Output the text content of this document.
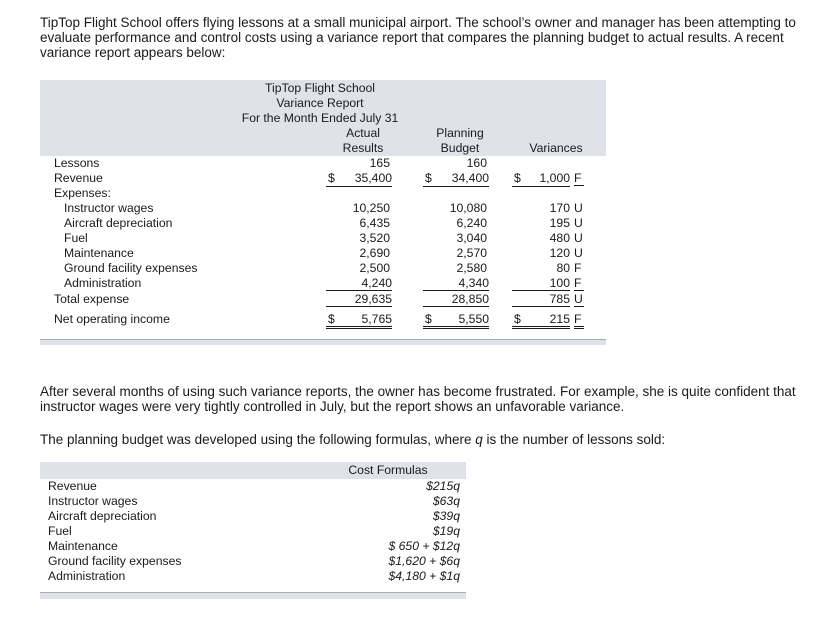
TipTop Flight School offers flying lessons at a small municipal airport. The school’s owner and manager has been attempting to evaluate performance and control costs using a variance report that compares the planning budget to actual results. A recent variance report appears below:

TipTop Flight School
Variance Report
For the Month Ended July 31
Actual
Results
Planning
Budget	Variances
Lessons	165	160
Revenue	$ 35,400	$ 34,400 $ 1,000 F
Expenses:
Instructor wages	10,250	10,080	170 U
Aircraft depreciation	6,435	6,240	195 U
Fuel	3,520	3,040	480 U
Maintenance	2,690	2,570	120 U
Ground facility expenses	2,500	2,580	80 F
Administration	4,240	4,340	100 F
Total expense	29,635	28,850	785 U
Net operating income	$ 5,765	$ 5,550 $ 215 F

After several months of using such variance reports, the owner has become frustrated. For example, she is quite confident that instructor wages were very tightly controlled in July, but the report shows an unfavorable variance.

The planning budget was developed using the following formulas, where q is the number of lessons sold:

Cost Formulas
Revenue	$215q
Instructor wages	$63q
Aircraft depreciation	$39q
Fuel	$19q
Maintenance	$ 650 + $12q
Ground facility expenses	$1,620 + $6q
Administration	$4,180 + $1q
